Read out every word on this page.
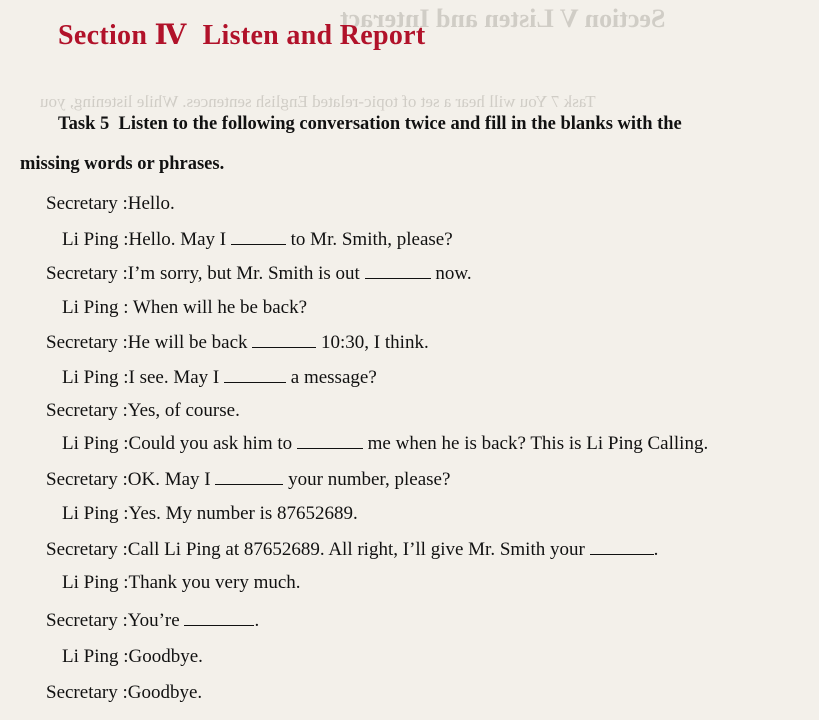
Section V Listen and Interact
Task 7 You will hear a set of topic-related English sentences. While listening, you
Section Ⅳ Listen and Report
Task 5 Listen to the following conversation twice and fill in the blanks with the
missing words or phrases.
Secretary :Hello.
Li Ping :Hello. May I	to Mr. Smith, please?
Secretary :I’m sorry, but Mr. Smith is out	now.
Li Ping : When will he be back?
Secretary :He will be back	10:30, I think.
Li Ping :I see. May I	a message?
Secretary :Yes, of course.
Li Ping :Could you ask him to	me when he is back? This is Li Ping Calling.
Secretary :OK. May I	your number, please?
Li Ping :Yes. My number is 87652689.
Secretary :Call Li Ping at 87652689. All right, I’ll give Mr. Smith your	.
Li Ping :Thank you very much.
Secretary :You’re	.
Li Ping :Goodbye.
Secretary :Goodbye.
